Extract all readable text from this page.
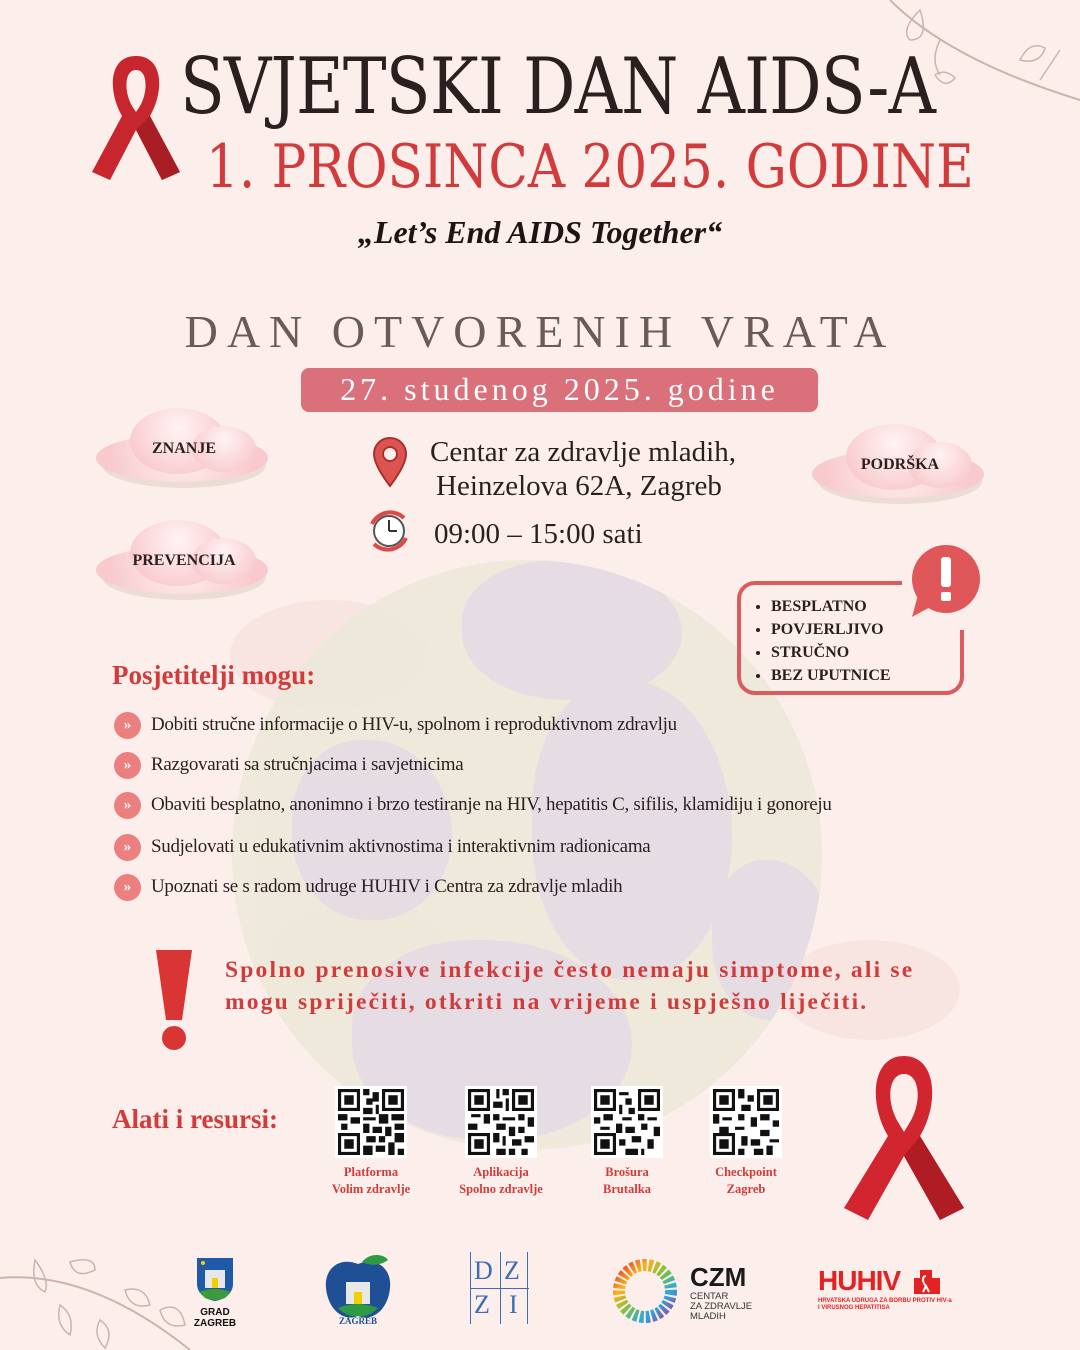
SVJETSKI DAN AIDS-A
1. PROSINCA 2025. GODINE
„Let’s End AIDS Together“
DAN OTVORENIH VRATA
27. studenog 2025. godine
ZNANJE
PREVENCIJA
PODRŠKA
Centar za zdravlje mladih,
Heinzelova 62A, Zagreb
09:00 – 15:00 sati
• BESPLATNO
• POVJERLJIVO
• STRUČNO
• BEZ UPUTNICE
Posjetitelji mogu:
»	Dobiti stručne informacije o HIV-u, spolnom i reproduktivnom zdravlju
»	Razgovarati sa stručnjacima i savjetnicima
»	Obaviti besplatno, anonimno i brzo testiranje na HIV, hepatitis C, sifilis, klamidiju i gonoreju
»	Sudjelovati u edukativnim aktivnostima i interaktivnim radionicama
»	Upoznati se s radom udruge HUHIV i Centra za zdravlje mladih
Spolno prenosive infekcije često nemaju simptome, ali se mogu spriječiti, otkriti na vrijeme i uspješno liječiti.
Alati i resursi:
Platforma
Volim zdravlje
Aplikacija
Spolno zdravlje
Brošura
Brutalka
Checkpoint
Zagreb
GRAD
ZAGREB	ZAGREB
D Z
Z I
CZM
CENTAR
ZA ZDRAVLJE
MLADIH
HUHIV
HRVATSKA UDRUGA ZA BORBU PROTIV HIV-a
I VIRUSNOG HEPATITISA
